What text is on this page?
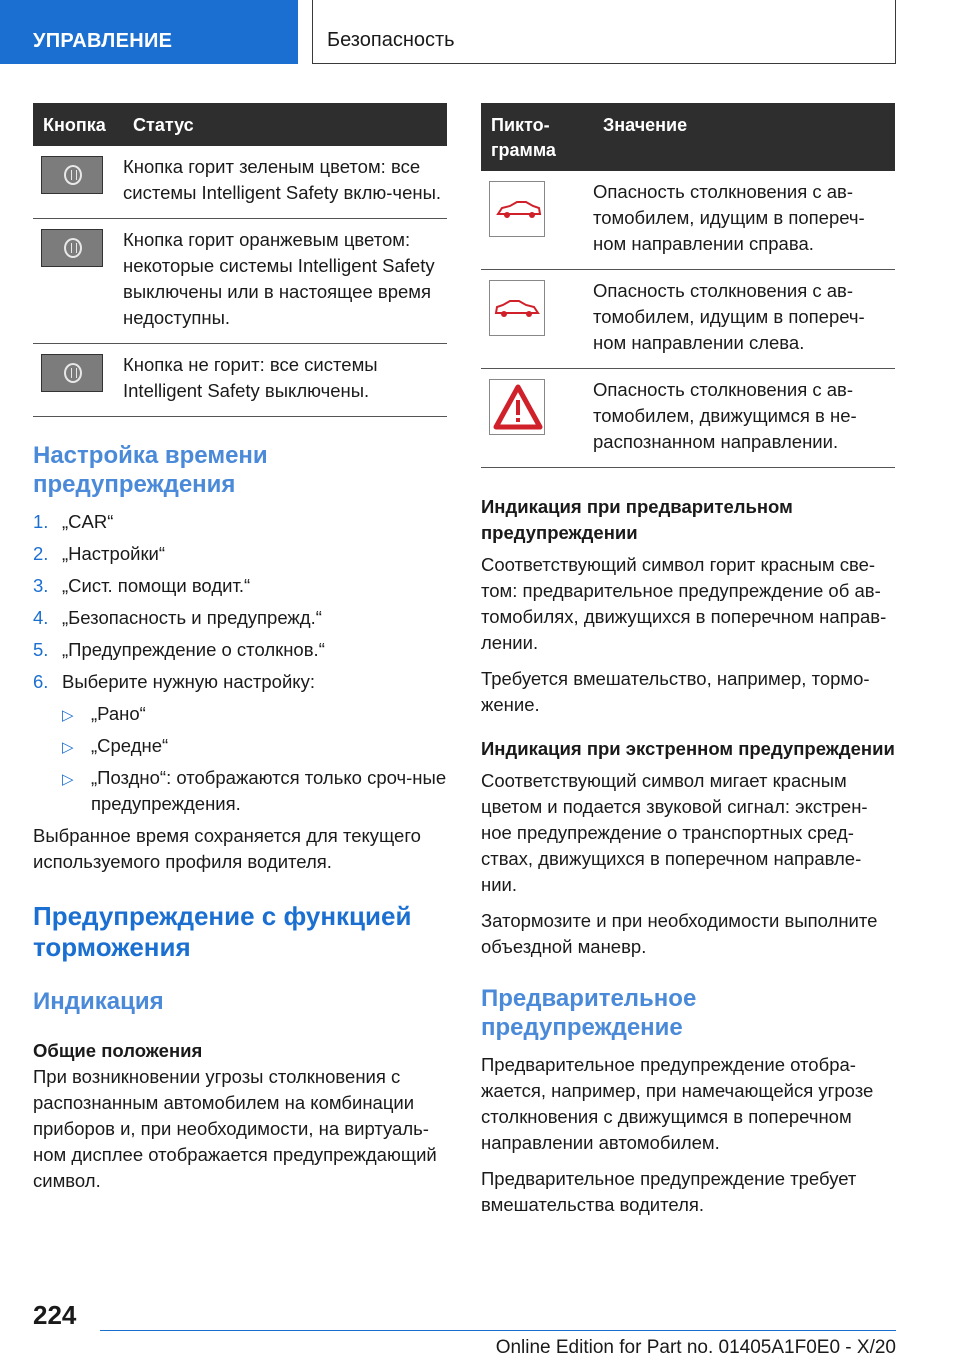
УПРАВЛЕНИЕ	Безопасность
Кнопка	Статус

	Кнопка горит зеленым цветом: все системы Intelligent Safety вклю-чены.

	Кнопка горит оранжевым цветом: некоторые системы Intelligent Safety выключены или в настоящее время недоступны.

	Кнопка не горит: все системы Intelligent Safety выключены.
Настройка времени предупреждения
1. „CAR“
2. „Настройки“
3. „Сист. помощи водит.“
4. „Безопасность и предупрежд.“
5. „Предупреждение о столкнов.“
6. Выберите нужную настройку:
▷ „Рано“
▷ „Средне“
▷ „Поздно“: отображаются только сроч-ные предупреждения.

Выбранное время сохраняется для текущего используемого профиля водителя.

Предупреждение с функцией торможения
Индикация
Общие положения

При возникновении угрозы столкновения с распознанным автомобилем на комбинации приборов и, при необходимости, на виртуаль-ном дисплее отображается предупреждающий символ.

Пикто-грамма	Значение

	Опасность столкновения с ав-томобилем, идущим в попереч-ном направлении справа.

	Опасность столкновения с ав-томобилем, идущим в попереч-ном направлении слева.

	Опасность столкновения с ав-томобилем, движущимся в не-распознанном направлении.
Индикация при предварительном предупреждении

Соответствующий символ горит красным све-том: предварительное предупреждение об ав-томобилях, движущихся в поперечном направ-лении.

Требуется вмешательство, например, тормо-жение.

Индикация при экстренном предупреждении

Соответствующий символ мигает красным цветом и подается звуковой сигнал: экстрен-ное предупреждение о транспортных сред-ствах, движущихся в поперечном направле-нии.

Затормозите и при необходимости выполните объездной маневр.

Предварительное предупреждение

Предварительное предупреждение отобра-жается, например, при намечающейся угрозе столкновения с движущимся в поперечном направлении автомобилем.

Предварительное предупреждение требует вмешательства водителя.

224
Online Edition for Part no. 01405A1F0E0 - X/20
